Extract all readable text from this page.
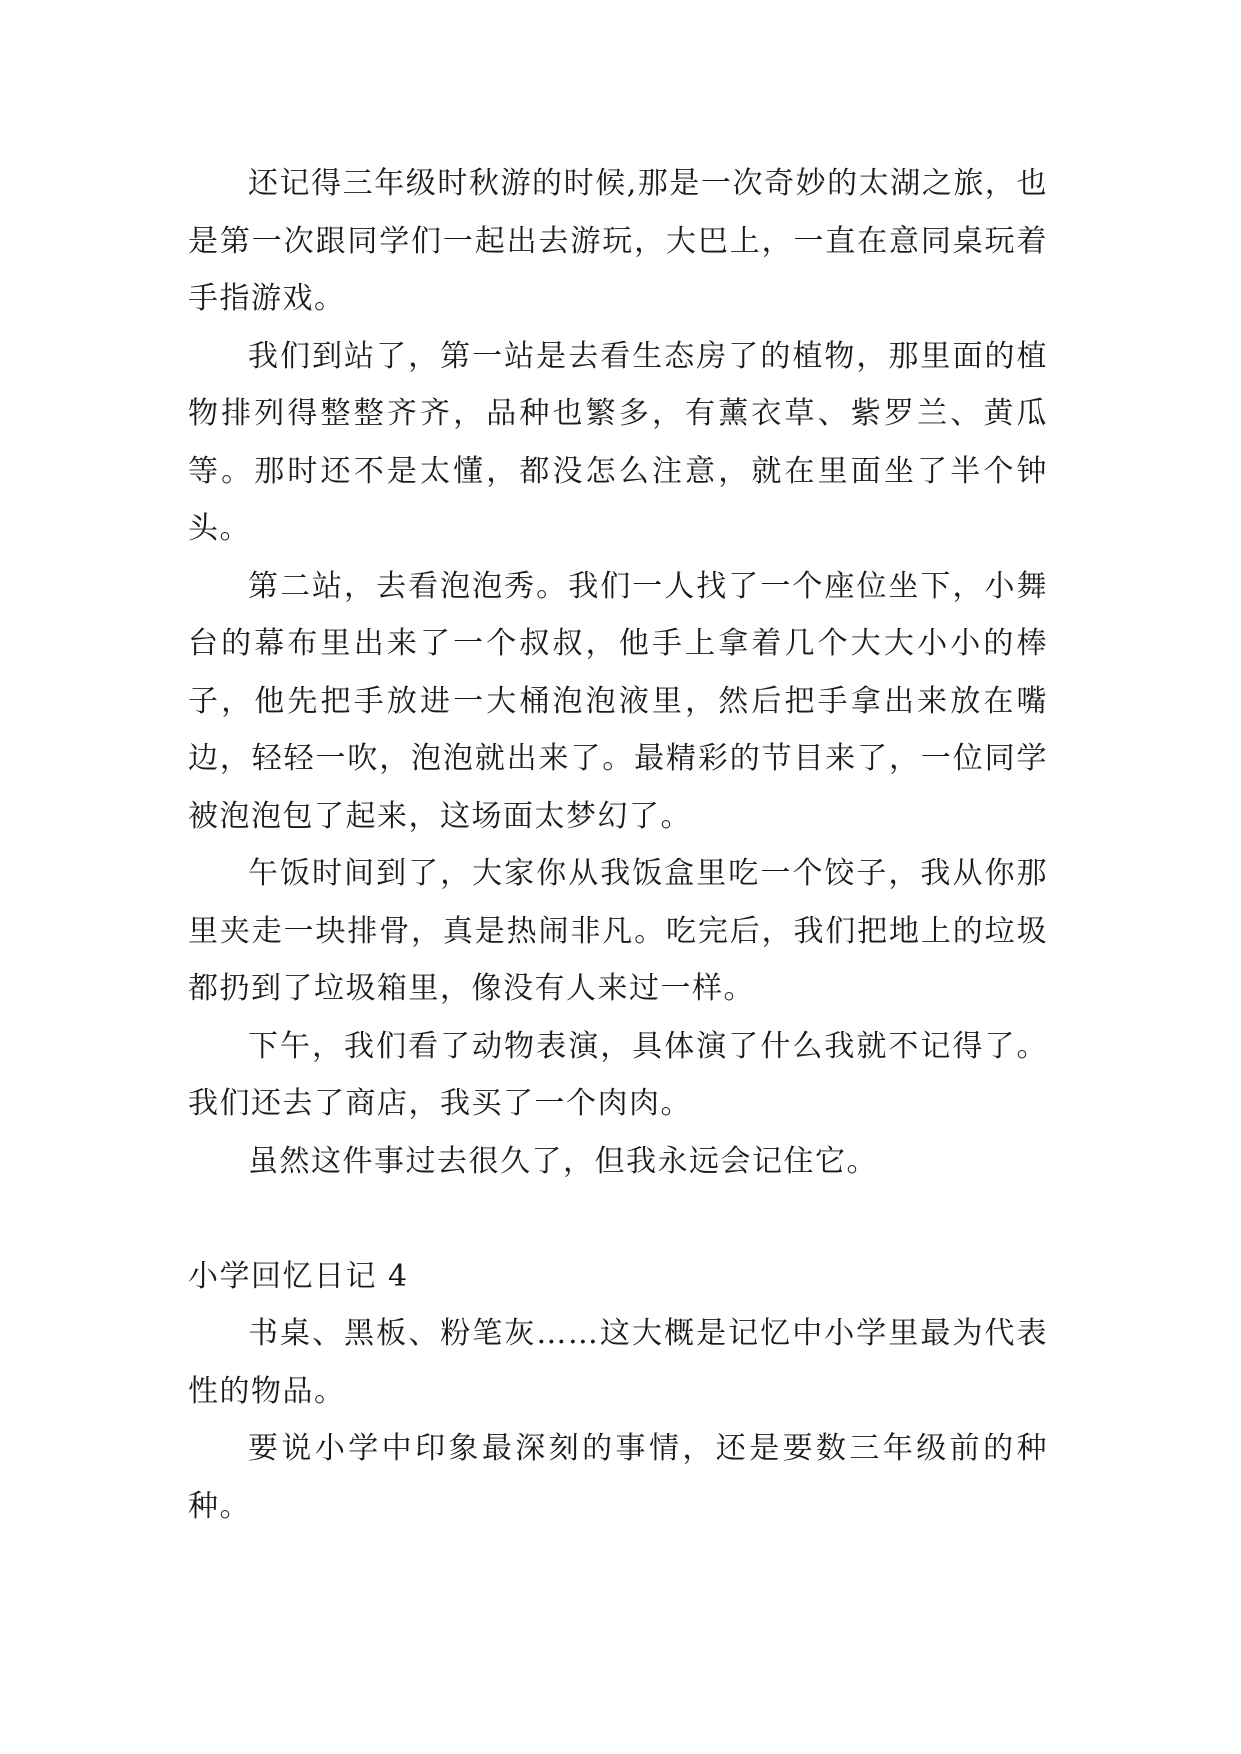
还记得三年级时秋游的时候,那是一次奇妙的太湖之旅，也是第一次跟同学们一起出去游玩，大巴上，一直在意同桌玩着手指游戏。

我们到站了，第一站是去看生态房了的植物，那里面的植物排列得整整齐齐，品种也繁多，有薰衣草、紫罗兰、黄瓜等。那时还不是太懂，都没怎么注意，就在里面坐了半个钟头。

第二站，去看泡泡秀。我们一人找了一个座位坐下，小舞台的幕布里出来了一个叔叔，他手上拿着几个大大小小的棒子，他先把手放进一大桶泡泡液里，然后把手拿出来放在嘴边，轻轻一吹，泡泡就出来了。最精彩的节目来了，一位同学被泡泡包了起来，这场面太梦幻了。

午饭时间到了，大家你从我饭盒里吃一个饺子，我从你那里夹走一块排骨，真是热闹非凡。吃完后，我们把地上的垃圾都扔到了垃圾箱里，像没有人来过一样。

下午，我们看了动物表演，具体演了什么我就不记得了。我们还去了商店，我买了一个肉肉。

虽然这件事过去很久了，但我永远会记住它。

小学回忆日记 4

书桌、黑板、粉笔灰……这大概是记忆中小学里最为代表性的物品。

要说小学中印象最深刻的事情，还是要数三年级前的种种。
